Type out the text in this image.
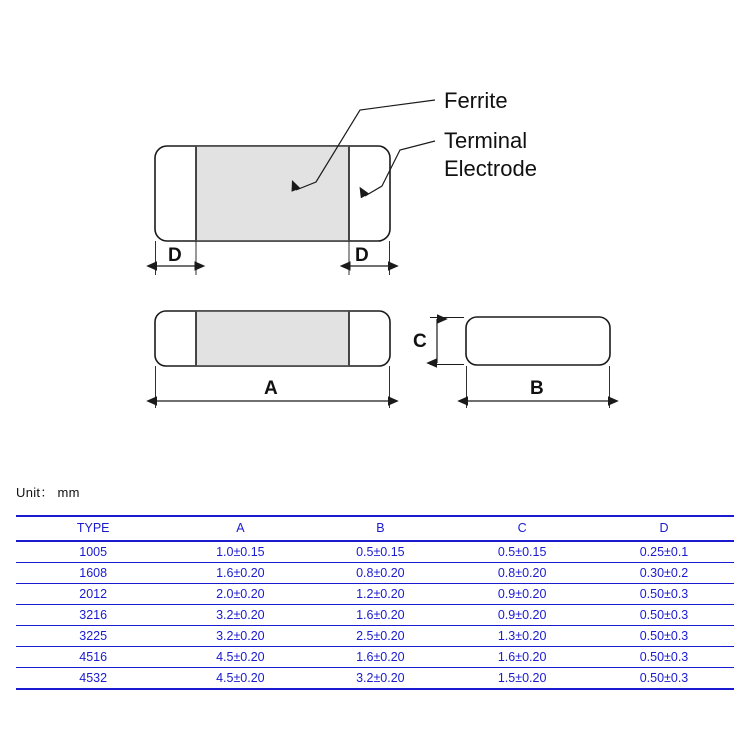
D	D
Ferrite
Terminal
Electrode
A
C
B
Unit： mm
TYPE	A	B	C	D
1005	1.0±0.15	0.5±0.15	0.5±0.15	0.25±0.1
1608	1.6±0.20	0.8±0.20	0.8±0.20	0.30±0.2
2012	2.0±0.20	1.2±0.20	0.9±0.20	0.50±0.3
3216	3.2±0.20	1.6±0.20	0.9±0.20	0.50±0.3
3225	3.2±0.20	2.5±0.20	1.3±0.20	0.50±0.3
4516	4.5±0.20	1.6±0.20	1.6±0.20	0.50±0.3
4532	4.5±0.20	3.2±0.20	1.5±0.20	0.50±0.3
